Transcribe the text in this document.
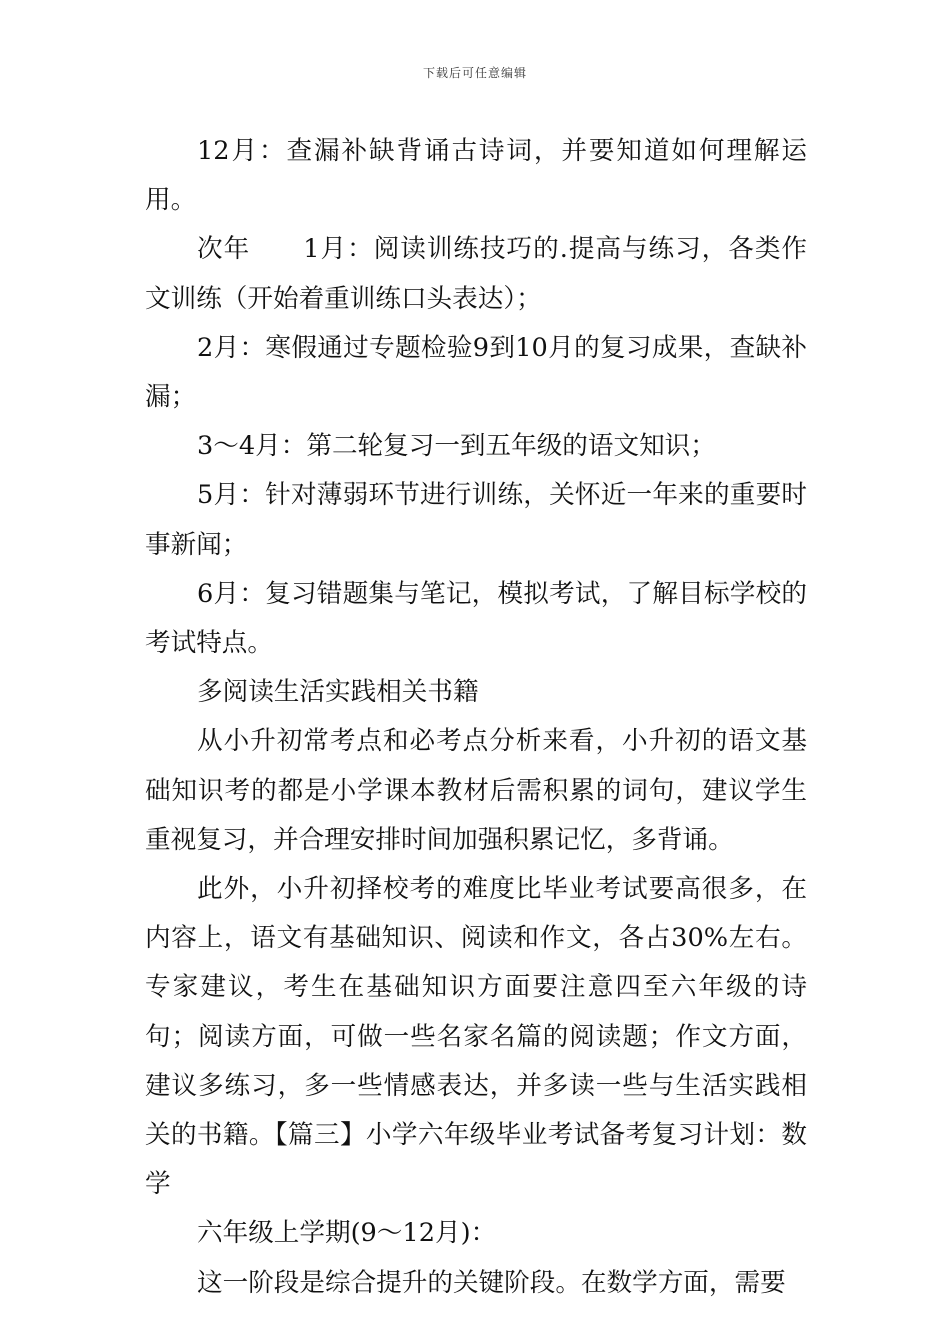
下载后可任意编辑

12月：查漏补缺背诵古诗词，并要知道如何理解运用。

次年　　1月：阅读训练技巧的.提高与练习，各类作文训练（开始着重训练口头表达）；

2月：寒假通过专题检验9到10月的复习成果，查缺补漏；

3～4月：第二轮复习一到五年级的语文知识；

5月：针对薄弱环节进行训练，关怀近一年来的重要时事新闻；

6月：复习错题集与笔记，模拟考试，了解目标学校的考试特点。

多阅读生活实践相关书籍

从小升初常考点和必考点分析来看，小升初的语文基础知识考的都是小学课本教材后需积累的词句，建议学生重视复习，并合理安排时间加强积累记忆，多背诵。

此外，小升初择校考的难度比毕业考试要高很多，在内容上，语文有基础知识、阅读和作文，各占30%左右。专家建议，考生在基础知识方面要注意四至六年级的诗句；阅读方面，可做一些名家名篇的阅读题；作文方面，建议多练习，多一些情感表达，并多读一些与生活实践相关的书籍。【篇三】小学六年级毕业考试备考复习计划：数学

六年级上学期(9～12月)：

这一阶段是综合提升的关键阶段。在数学方面，需要
